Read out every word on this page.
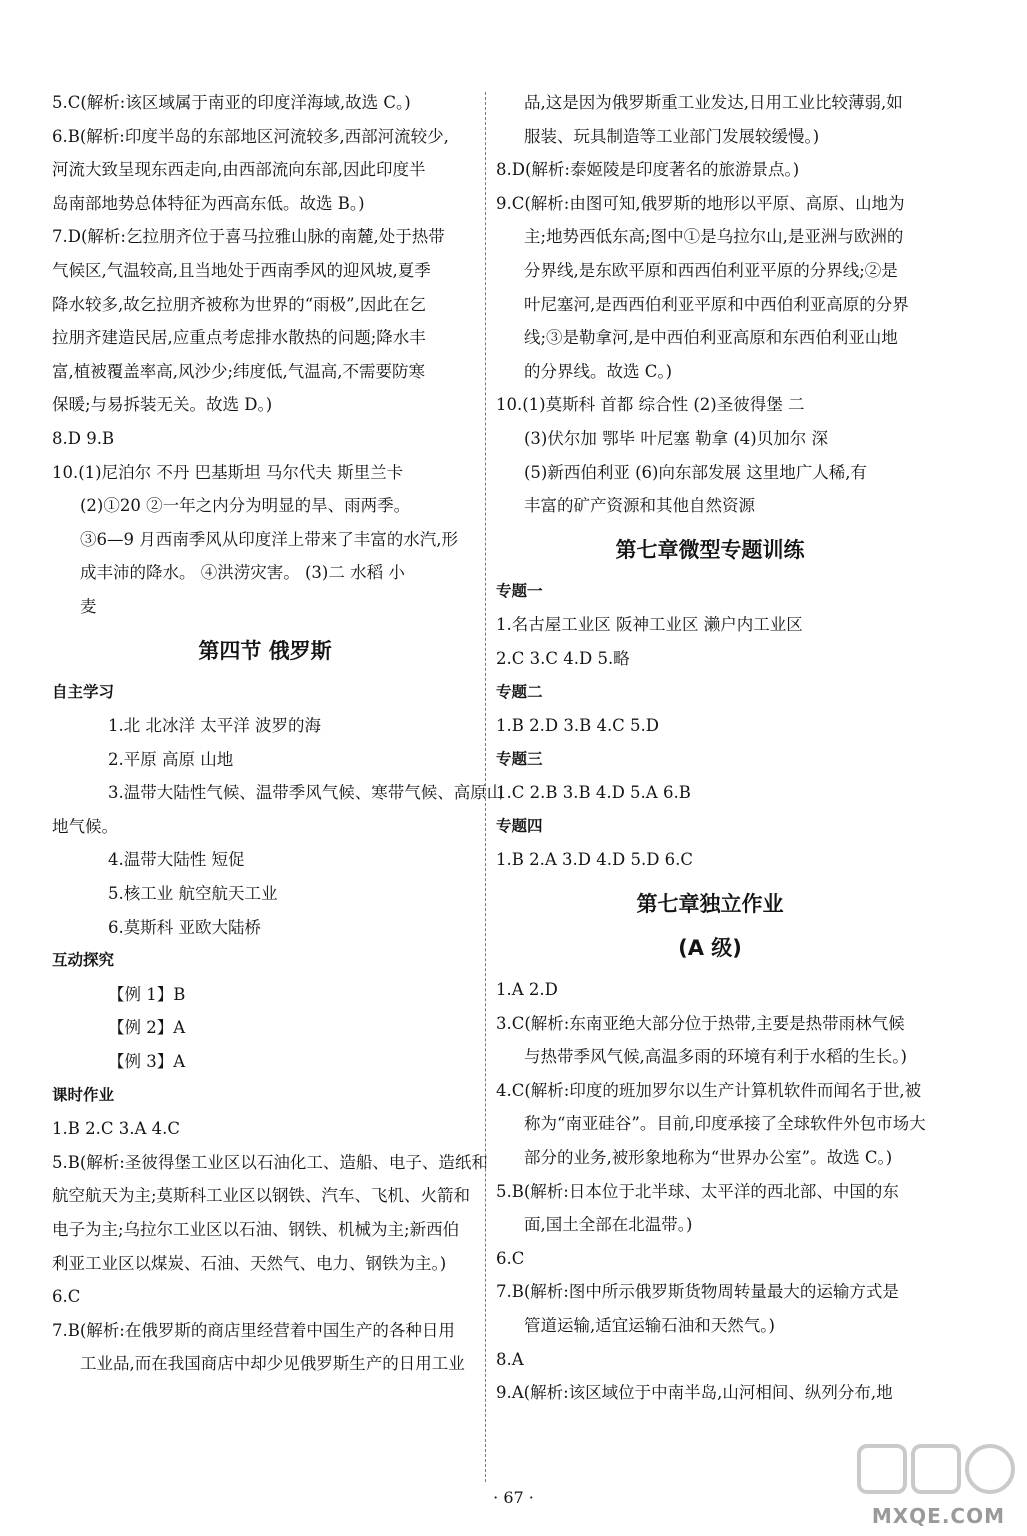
5.C(解析:该区域属于南亚的印度洋海域,故选 C。)
6.B(解析:印度半岛的东部地区河流较多,西部河流较少,
河流大致呈现东西走向,由西部流向东部,因此印度半
岛南部地势总体特征为西高东低。故选 B。)
7.D(解析:乞拉朋齐位于喜马拉雅山脉的南麓,处于热带
气候区,气温较高,且当地处于西南季风的迎风坡,夏季
降水较多,故乞拉朋齐被称为世界的“雨极”,因此在乞
拉朋齐建造民居,应重点考虑排水散热的问题;降水丰
富,植被覆盖率高,风沙少;纬度低,气温高,不需要防寒
保暖;与易拆装无关。故选 D。)
8.D 9.B
10.(1)尼泊尔 不丹 巴基斯坦 马尔代夫 斯里兰卡
(2)①20 ②一年之内分为明显的旱、雨两季。
③6—9 月西南季风从印度洋上带来了丰富的水汽,形
成丰沛的降水。 ④洪涝灾害。 (3)二 水稻 小
麦
第四节 俄罗斯
自主学习
1.北 北冰洋 太平洋 波罗的海
2.平原 高原 山地
3.温带大陆性气候、温带季风气候、寒带气候、高原山
地气候。
4.温带大陆性 短促
5.核工业 航空航天工业
6.莫斯科 亚欧大陆桥
互动探究
【例 1】B
【例 2】A
【例 3】A
课时作业
1.B 2.C 3.A 4.C
5.B(解析:圣彼得堡工业区以石油化工、造船、电子、造纸和
航空航天为主;莫斯科工业区以钢铁、汽车、飞机、火箭和
电子为主;乌拉尔工业区以石油、钢铁、机械为主;新西伯
利亚工业区以煤炭、石油、天然气、电力、钢铁为主。)
6.C
7.B(解析:在俄罗斯的商店里经营着中国生产的各种日用
工业品,而在我国商店中却少见俄罗斯生产的日用工业
品,这是因为俄罗斯重工业发达,日用工业比较薄弱,如
服装、玩具制造等工业部门发展较缓慢。)
8.D(解析:泰姬陵是印度著名的旅游景点。)
9.C(解析:由图可知,俄罗斯的地形以平原、高原、山地为
主;地势西低东高;图中①是乌拉尔山,是亚洲与欧洲的
分界线,是东欧平原和西西伯利亚平原的分界线;②是
叶尼塞河,是西西伯利亚平原和中西伯利亚高原的分界
线;③是勒拿河,是中西伯利亚高原和东西伯利亚山地
的分界线。故选 C。)
10.(1)莫斯科 首都 综合性 (2)圣彼得堡 二
(3)伏尔加 鄂毕 叶尼塞 勒拿 (4)贝加尔 深
(5)新西伯利亚 (6)向东部发展 这里地广人稀,有
丰富的矿产资源和其他自然资源
第七章微型专题训练
专题一
1.名古屋工业区 阪神工业区 濑户内工业区
2.C 3.C 4.D 5.略
专题二
1.B 2.D 3.B 4.C 5.D
专题三
1.C 2.B 3.B 4.D 5.A 6.B
专题四
1.B 2.A 3.D 4.D 5.D 6.C
第七章独立作业
(A 级)
1.A 2.D
3.C(解析:东南亚绝大部分位于热带,主要是热带雨林气候
与热带季风气候,高温多雨的环境有利于水稻的生长。)
4.C(解析:印度的班加罗尔以生产计算机软件而闻名于世,被
称为“南亚硅谷”。目前,印度承接了全球软件外包市场大
部分的业务,被形象地称为“世界办公室”。故选 C。)
5.B(解析:日本位于北半球、太平洋的西北部、中国的东
面,国土全部在北温带。)
6.C
7.B(解析:图中所示俄罗斯货物周转量最大的运输方式是
管道运输,适宜运输石油和天然气。)
8.A
9.A(解析:该区域位于中南半岛,山河相间、纵列分布,地
· 67 ·
MXQE.COM
